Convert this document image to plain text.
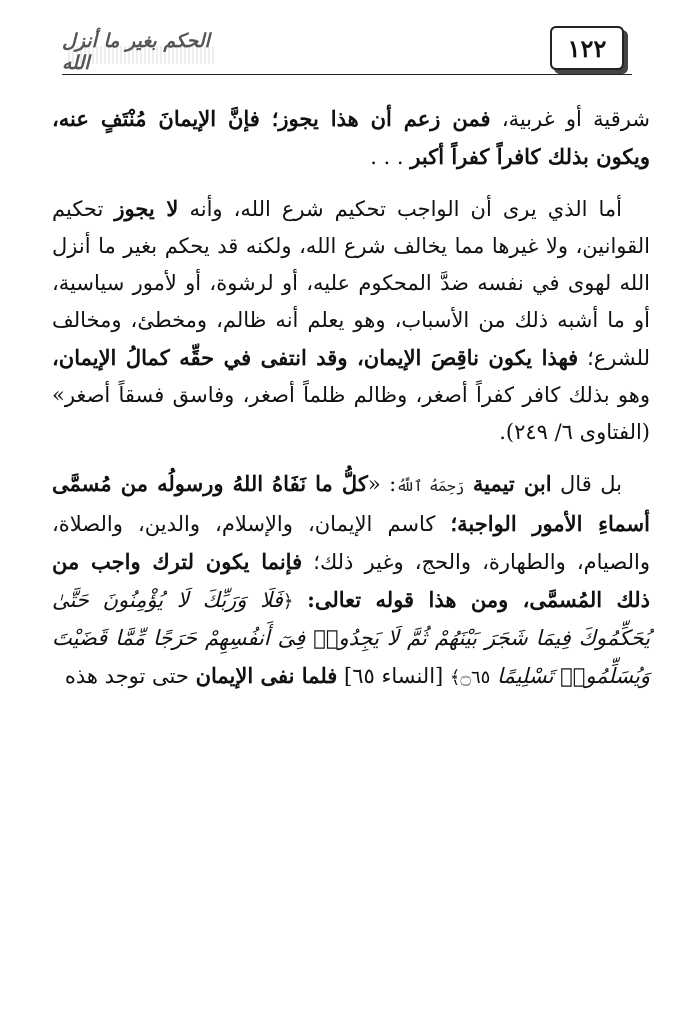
١٢٢
الحكم بغير ما أنزل الله

شرقية أو غربية، فمن زعم أن هذا يجوز؛ فإنَّ الإيمانَ مُنْتَفٍ عنه، ويكون بذلك كافراً كفراً أكبر . . .

أما الذي يرى أن الواجب تحكيم شرع الله، وأنه لا يجوز تحكيم القوانين، ولا غيرها مما يخالف شرع الله، ولكنه قد يحكم بغير ما أنزل الله لهوى في نفسه ضدَّ المحكوم عليه، أو لرشوة، أو لأمور سياسية، أو ما أشبه ذلك من الأسباب، وهو يعلم أنه ظالم، ومخطئ، ومخالف للشرع؛ فهذا يكون ناقِصَ الإيمان، وقد انتفى في حقِّه كمالُ الإيمان، وهو بذلك كافر كفراً أصغر، وظالم ظلماً أصغر، وفاسق فسقاً أصغر» (الفتاوى ٦/ ٢٤٩).

بل قال ابن تيمية رَحِمَهُ ٱللَّهُ: «كلُّ ما نَفَاهُ اللهُ ورسولُه من مُسمَّى أسماءِ الأمور الواجبة؛ كاسم الإيمان، والإسلام، والدين، والصلاة، والصيام، والطهارة، والحج، وغير ذلك؛ فإنما يكون لترك واجب من ذلك المُسمَّى، ومن هذا قوله تعالى: ﴿فَلَا وَرَبِّكَ لَا يُؤْمِنُونَ حَتَّىٰ يُحَكِّمُوكَ فِيمَا شَجَرَ بَيْنَهُمْ ثُمَّ لَا يَجِدُوا۟ فِىٓ أَنفُسِهِمْ حَرَجًا مِّمَّا قَضَيْتَ وَيُسَلِّمُوا۟ تَسْلِيمًا ۝٦٥﴾ [النساء ٦٥] فلما نفى الإيمان حتى توجد هذه
